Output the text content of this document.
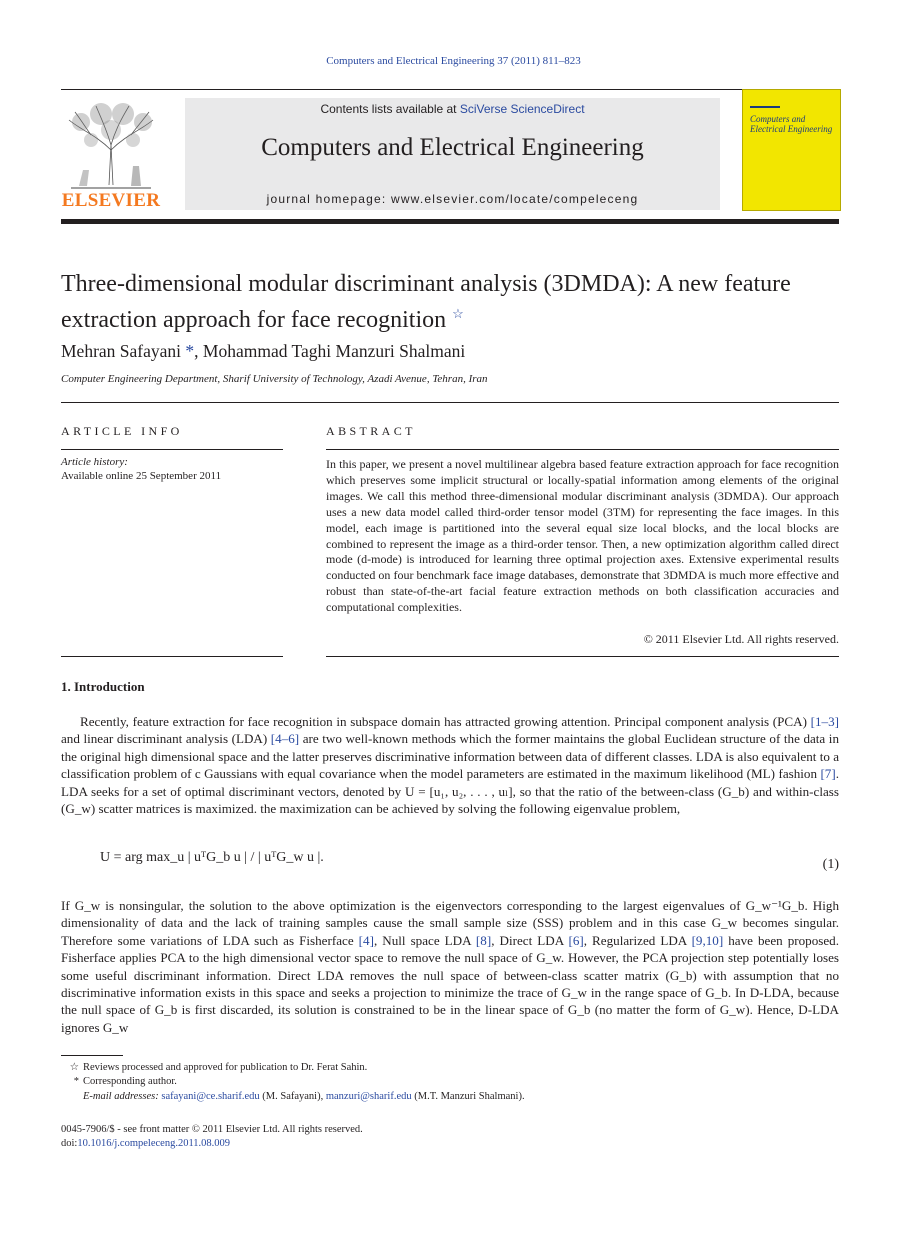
Computers and Electrical Engineering 37 (2011) 811–823
ELSEVIER
Contents lists available at SciVerse ScienceDirect
Computers and Electrical Engineering
journal homepage: www.elsevier.com/locate/compeleceng
Computers and Electrical Engineering
Three-dimensional modular discriminant analysis (3DMDA): A new feature extraction approach for face recognition ☆
Mehran Safayani *, Mohammad Taghi Manzuri Shalmani
Computer Engineering Department, Sharif University of Technology, Azadi Avenue, Tehran, Iran
ARTICLE INFO
Article history:
Available online 25 September 2011
ABSTRACT
In this paper, we present a novel multilinear algebra based feature extraction approach for face recognition which preserves some implicit structural or locally-spatial information among elements of the original images. We call this method three-dimensional modular discriminant analysis (3DMDA). Our approach uses a new data model called third-order tensor model (3TM) for representing the face images. In this model, each image is partitioned into the several equal size local blocks, and the local blocks are combined to represent the image as a third-order tensor. Then, a new optimization algorithm called direct mode (d-mode) is introduced for learning three optimal projection axes. Extensive experimental results conducted on four benchmark face image databases, demonstrate that 3DMDA is much more effective and robust than state-of-the-art facial feature extraction methods on both classification accuracies and computational complexities.
© 2011 Elsevier Ltd. All rights reserved.
1. Introduction
Recently, feature extraction for face recognition in subspace domain has attracted growing attention. Principal component analysis (PCA) [1–3] and linear discriminant analysis (LDA) [4–6] are two well-known methods which the former maintains the global Euclidean structure of the data in the original high dimensional space and the latter preserves discriminative information between data of different classes. LDA is also equivalent to a classification problem of c Gaussians with equal covariance when the model parameters are estimated in the maximum likelihood (ML) fashion [7]. LDA seeks for a set of optimal discriminant vectors, denoted by U = [u₁, u₂, . . . , uₗ], so that the ratio of the between-class (G_b) and within-class (G_w) scatter matrices is maximized. the maximization can be achieved by solving the following eigenvalue problem,
U = arg max_u | uᵀG_b u | / | uᵀG_w u |.	(1)
If G_w is nonsingular, the solution to the above optimization is the eigenvectors corresponding to the largest eigenvalues of G_w⁻¹G_b. High dimensionality of data and the lack of training samples cause the small sample size (SSS) problem and in this case G_w becomes singular. Therefore some variations of LDA such as Fisherface [4], Null space LDA [8], Direct LDA [6], Regularized LDA [9,10] have been proposed. Fisherface applies PCA to the high dimensional vector space to remove the null space of G_w. However, the PCA projection step potentially loses some useful discriminant information. Direct LDA removes the null space of between-class scatter matrix (G_b) with assumption that no discriminative information exists in this space and seeks a projection to minimize the trace of G_w in the range space of G_b. In D-LDA, because the null space of G_b is first discarded, its solution is constrained to be in the linear space of G_b (no matter the form of G_w). Hence, D-LDA ignores G_w
☆ Reviews processed and approved for publication to Dr. Ferat Sahin.
* Corresponding author.
E-mail addresses: safayani@ce.sharif.edu (M. Safayani), manzuri@sharif.edu (M.T. Manzuri Shalmani).
0045-7906/$ - see front matter © 2011 Elsevier Ltd. All rights reserved.
doi:10.1016/j.compeleceng.2011.08.009
